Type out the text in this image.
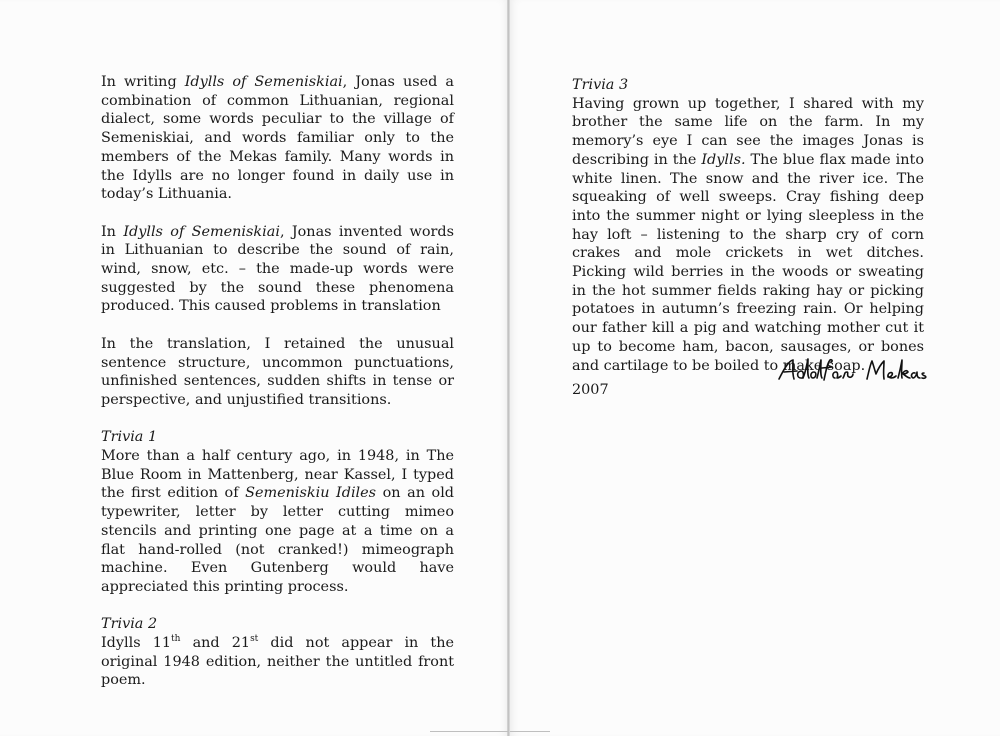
In writing Idylls of Semeniskiai, Jonas used a combination of common Lithuanian, regional dialect, some words peculiar to the village of Semeniskiai, and words familiar only to the members of the Mekas family. Many words in the Idylls are no longer found in daily use in today’s Lithuania.

In Idylls of Semeniskiai, Jonas invented words in Lithuanian to describe the sound of rain, wind, snow, etc. – the made-up words were suggested by the sound these phenomena produced. This caused problems in translation

In the translation, I retained the unusual sentence structure, uncommon punctuations, unfinished sentences, sudden shifts in tense or perspective, and unjustified transitions.

Trivia 1

More than a half century ago, in 1948, in The Blue Room in Mattenberg, near Kassel, I typed the first edition of Semeniskiu Idiles on an old typewriter, letter by letter cutting mimeo stencils and printing one page at a time on a flat hand-rolled (not cranked!) mimeograph machine. Even Gutenberg would have appreciated this printing process.

Trivia 2

Idylls 11th and 21st did not appear in the original 1948 edition, neither the untitled front poem.

Trivia 3

Having grown up together, I shared with my brother the same life on the farm. In my memory’s eye I can see the images Jonas is describing in the Idylls. The blue flax made into white linen. The snow and the river ice. The squeaking of well sweeps. Cray fishing deep into the summer night or lying sleepless in the hay loft – listening to the sharp cry of corn crakes and mole crickets in wet ditches. Picking wild berries in the woods or sweating in the hot summer fields raking hay or picking potatoes in autumn’s freezing rain. Or helping our father kill a pig and watching mother cut it up to become ham, bacon, sausages, or bones and cartilage to be boiled to make soap.

2007
